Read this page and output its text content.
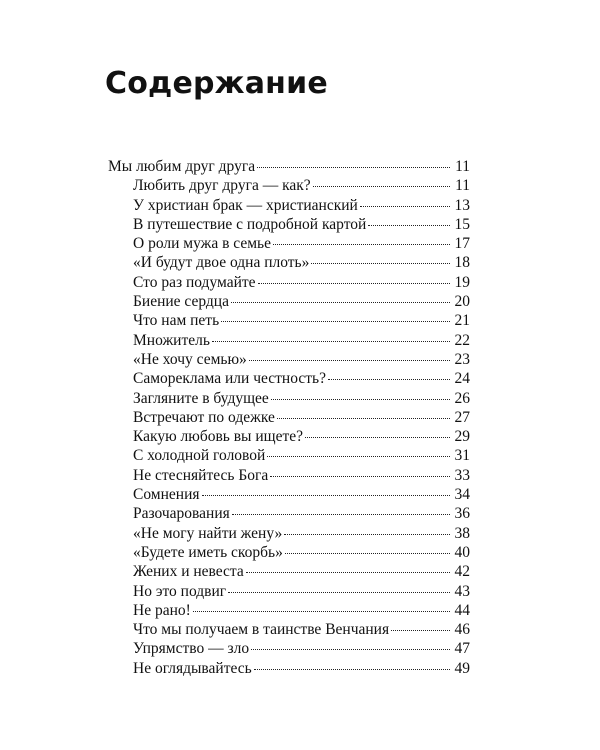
Содержание
Мы любим друг друга	11
Любить друг друга — как?	11
У христиан брак — христианский	13
В путешествие с подробной картой	15
О роли мужа в семье	17
«И будут двое одна плоть»	18
Сто раз подумайте	19
Биение сердца	20
Что нам петь	21
Множитель	22
«Не хочу семью»	23
Самореклама или честность?	24
Загляните в будущее	26
Встречают по одежке	27
Какую любовь вы ищете?	29
С холодной головой	31
Не стесняйтесь Бога	33
Сомнения	34
Разочарования	36
«Не могу найти жену»	38
«Будете иметь скорбь»	40
Жених и невеста	42
Но это подвиг	43
Не рано!	44
Что мы получаем в таинстве Венчания	46
Упрямство — зло	47
Не оглядывайтесь	49
